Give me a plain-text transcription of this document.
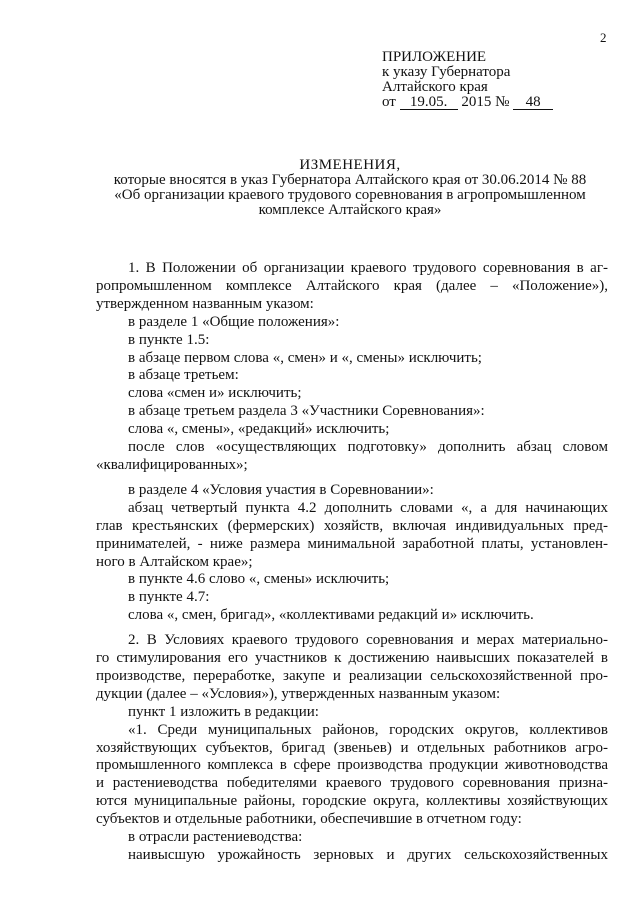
2
ПРИЛОЖЕНИЕ
к указу Губернатора
Алтайского края
от 19.05. 2015 № 48
ИЗМЕНЕНИЯ,
которые вносятся в указ Губернатора Алтайского края от 30.06.2014 № 88
«Об организации краевого трудового соревнования в агропромышленном
комплексе Алтайского края»

1. В Положении об организации краевого трудового соревнования в аг-

ропромышленном комплексе Алтайского края (далее – «Положение»),

утвержденном названным указом:

в разделе 1 «Общие положения»:

в пункте 1.5:

в абзаце первом слова «, смен» и «, смены» исключить;

в абзаце третьем:

слова «смен и» исключить;

в абзаце третьем раздела 3 «Участники Соревнования»:

слова «, смены», «редакций» исключить;

после слов «осуществляющих подготовку» дополнить абзац словом

«квалифицированных»;

в разделе 4 «Условия участия в Соревновании»:

абзац четвертый пункта 4.2 дополнить словами «, а для начинающих

глав крестьянских (фермерских) хозяйств, включая индивидуальных пред-

принимателей, - ниже размера минимальной заработной платы, установлен-

ного в Алтайском крае»;

в пункте 4.6 слово «, смены» исключить;

в пункте 4.7:

слова «, смен, бригад», «коллективами редакций и» исключить.

2. В Условиях краевого трудового соревнования и мерах материально-

го стимулирования его участников к достижению наивысших показателей в

производстве, переработке, закупе и реализации сельскохозяйственной про-

дукции (далее – «Условия»), утвержденных названным указом:

пункт 1 изложить в редакции:

«1. Среди муниципальных районов, городских округов, коллективов

хозяйствующих субъектов, бригад (звеньев) и отдельных работников агро-

промышленного комплекса в сфере производства продукции животноводства

и растениеводства победителями краевого трудового соревнования призна-

ются муниципальные районы, городские округа, коллективы хозяйствующих

субъектов и отдельные работники, обеспечившие в отчетном году:

в отрасли растениеводства:

наивысшую урожайность зерновых и других сельскохозяйственных
